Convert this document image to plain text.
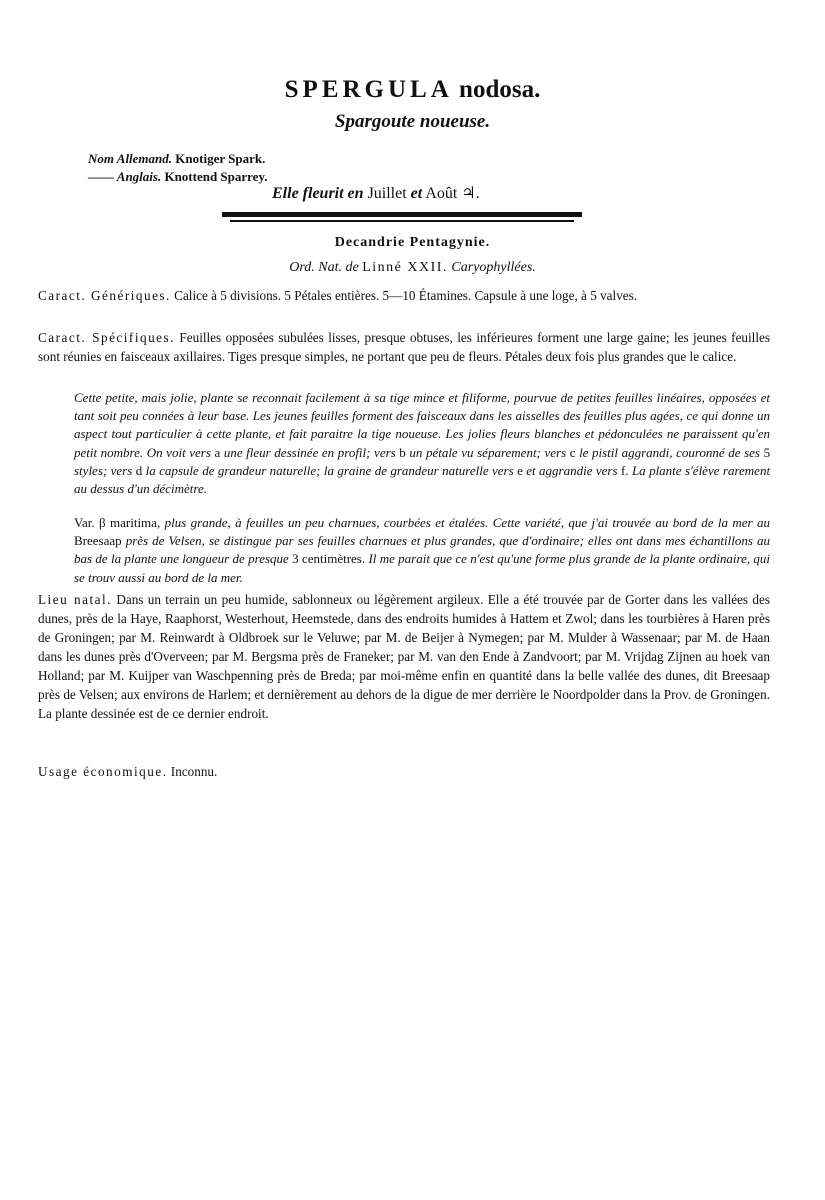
SPERGULA nodosa.
Spargoute noueuse.
Nom Allemand. Knotiger Spark.
—— Anglais. Knottend Sparrey.
Elle fleurit en Juillet et Août ♃.
Decandrie Pentagynie.
Ord. Nat. de Linné XXII. Caryophyllées.
Caract. Génériques. Calice à 5 divisions. 5 Pétales entières. 5—10 Étamines. Capsule à une loge, à 5 valves.
Caract. Spécifiques. Feuilles opposées subulées lisses, presque obtuses, les inférieures forment une large gaine; les jeunes feuilles sont réunies en faisceaux axillaires. Tiges presque simples, ne portant que peu de fleurs. Pétales deux fois plus grandes que le calice.
Cette petite, mais jolie, plante se reconnait facilement à sa tige mince et filiforme, pourvue de petites feuilles linéaires, opposées et tant soit peu connées à leur base. Les jeunes feuilles forment des faisceaux dans les aisselles des feuilles plus agées, ce qui donne un aspect tout particulier à cette plante, et fait paraitre la tige noueuse. Les jolies fleurs blanches et pédonculées ne paraissent qu'en petit nombre. On voit vers a une fleur dessinée en profil; vers b un pétale vu séparement; vers c le pistil aggrandi, couronné de ses 5 styles; vers d la capsule de grandeur naturelle; la graine de grandeur naturelle vers e et aggrandie vers f. La plante s'élève rarement au dessus d'un décimètre.
Var. β maritima, plus grande, à feuilles un peu charnues, courbées et étalées. Cette variété, que j'ai trouvée au bord de la mer au Breesaap près de Velsen, se distingue par ses feuilles charnues et plus grandes, que d'ordinaire; elles ont dans mes échantillons au bas de la plante une longueur de presque 3 centimètres. Il me parait que ce n'est qu'une forme plus grande de la plante ordinaire, qui se trouv aussi au bord de la mer.
Lieu natal. Dans un terrain un peu humide, sablonneux ou légèrement argileux. Elle a été trouvée par de Gorter dans les vallées des dunes, près de la Haye, Raaphorst, Westerhout, Heemstede, dans des endroits humides à Hattem et Zwol; dans les tourbières à Haren près de Groningen; par M. Reinwardt à Oldbroek sur le Veluwe; par M. de Beijer à Nymegen; par M. Mulder à Wassenaar; par M. de Haan dans les dunes près d'Overveen; par M. Bergsma près de Franeker; par M. van den Ende à Zandvoort; par M. Vrijdag Zijnen au hoek van Holland; par M. Kuijper van Waschpenning près de Breda; par moi-même enfin en quantité dans la belle vallée des dunes, dit Breesaap près de Velsen; aux environs de Harlem; et dernièrement au dehors de la digue de mer derrière le Noordpolder dans la Prov. de Groningen. La plante dessinée est de ce dernier endroit.
Usage économique. Inconnu.
